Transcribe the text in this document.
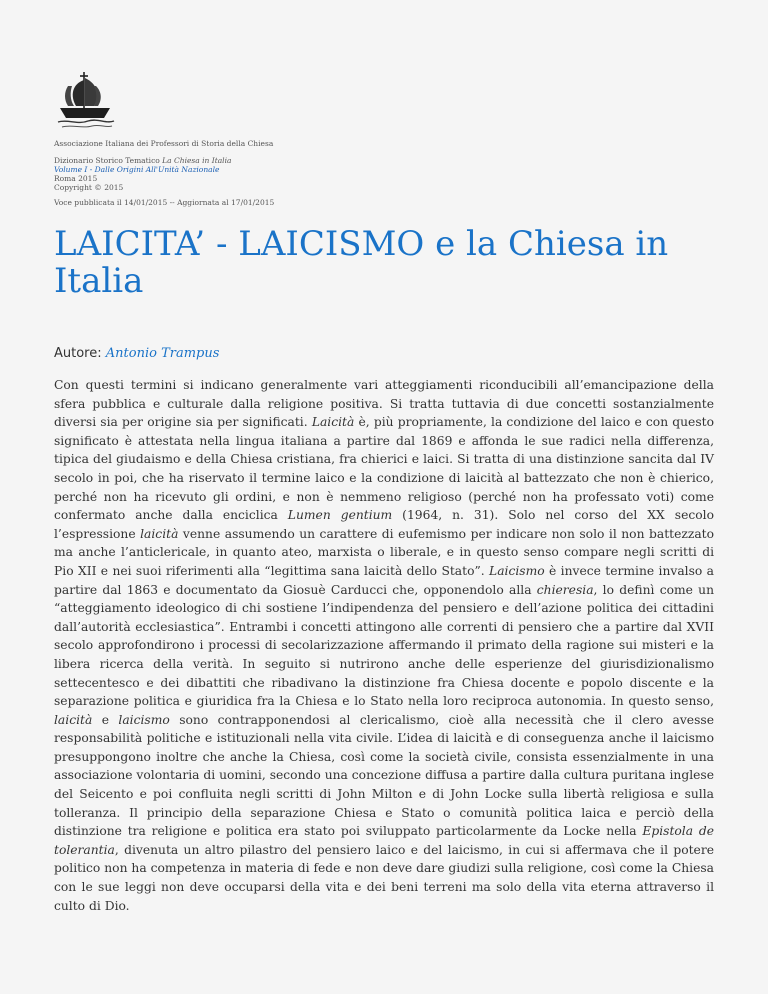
Associazione Italiana dei Professori di Storia della Chiesa
Dizionario Storico Tematico La Chiesa in Italia
Volume I - Dalle Origini All'Unità Nazionale
Roma 2015
Copyright © 2015
Voce pubblicata il 14/01/2015 -- Aggiornata al 17/01/2015
LAICITA’ - LAICISMO e la Chiesa in Italia
Autore: Antonio Trampus

Con questi termini si indicano generalmente vari atteggiamenti riconducibili all’emancipazione della sfera pubblica e culturale dalla religione positiva. Si tratta tuttavia di due concetti sostanzialmente diversi sia per origine sia per significati. Laicità è, più propriamente, la condizione del laico e con questo significato è attestata nella lingua italiana a partire dal 1869 e affonda le sue radici nella differenza, tipica del giudaismo e della Chiesa cristiana, fra chierici e laici. Si tratta di una distinzione sancita dal IV secolo in poi, che ha riservato il termine laico e la condizione di laicità al battezzato che non è chierico, perché non ha ricevuto gli ordini, e non è nemmeno religioso (perché non ha professato voti) come confermato anche dalla enciclica Lumen gentium (1964, n. 31). Solo nel corso del XX secolo l’espressione laicità venne assumendo un carattere di eufemismo per indicare non solo il non battezzato ma anche l’anticlericale, in quanto ateo, marxista o liberale, e in questo senso compare negli scritti di Pio XII e nei suoi riferimenti alla “legittima sana laicità dello Stato”. Laicismo è invece termine invalso a partire dal 1863 e documentato da Giosuè Carducci che, opponendolo alla chieresia, lo definì come un “atteggiamento ideologico di chi sostiene l’indipendenza del pensiero e dell’azione politica dei cittadini dall’autorità ecclesiastica”. Entrambi i concetti attingono alle correnti di pensiero che a partire dal XVII secolo approfondirono i processi di secolarizzazione affermando il primato della ragione sui misteri e la libera ricerca della verità. In seguito si nutrirono anche delle esperienze del giurisdizionalismo settecentesco e dei dibattiti che ribadivano la distinzione fra Chiesa docente e popolo discente e la separazione politica e giuridica fra la Chiesa e lo Stato nella loro reciproca autonomia. In questo senso, laicità e laicismo sono contrapponendosi al clericalismo, cioè alla necessità che il clero avesse responsabilità politiche e istituzionali nella vita civile. L’idea di laicità e di conseguenza anche il laicismo presuppongono inoltre che anche la Chiesa, così come la società civile, consista essenzialmente in una associazione volontaria di uomini, secondo una concezione diffusa a partire dalla cultura puritana inglese del Seicento e poi confluita negli scritti di John Milton e di John Locke sulla libertà religiosa e sulla tolleranza. Il principio della separazione Chiesa e Stato o comunità politica laica e perciò della distinzione tra religione e politica era stato poi sviluppato particolarmente da Locke nella Epistola de tolerantia, divenuta un altro pilastro del pensiero laico e del laicismo, in cui si affermava che il potere politico non ha competenza in materia di fede e non deve dare giudizi sulla religione, così come la Chiesa con le sue leggi non deve occuparsi della vita e dei beni terreni ma solo della vita eterna attraverso il culto di Dio.
